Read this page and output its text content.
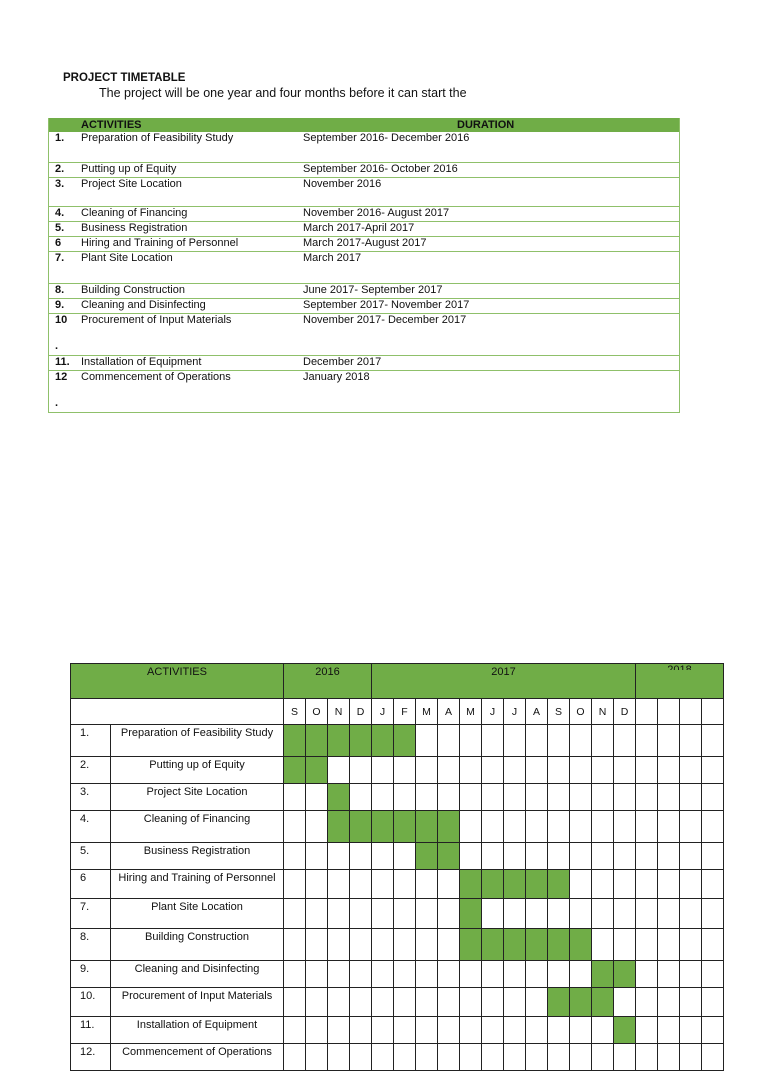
PROJECT TIMETABLE
The project will be one year and four months before it can start the
ACTIVITIES	DURATION
1. Preparation of Feasibility Study	September 2016- December 2016
2. Putting up of Equity	September 2016- October 2016
3. Project Site Location	November 2016
4. Cleaning of Financing	November 2016- August 2017
5. Business Registration	March 2017-April 2017
6 Hiring and Training of Personnel	March 2017-August 2017
7. Plant Site Location	March 2017
8. Building Construction	June 2017- September 2017
9. Cleaning and Disinfecting	September 2017- November 2017
10 Procurement of Input Materials	November 2017- December 2017
.
11. Installation of Equipment	December 2017
12 Commencement of Operations	January 2018
.
ACTIVITIES		2016				2017	

		S	O	N	D	J	F	M	A	M	J	J	A	S	O	N	D				
1.	Preparation of Feasibility Study																				
2.	Putting up of Equity																				
3.	Project Site Location																				
4.	Cleaning of Financing																				
5.	Business Registration																				
6	Hiring and Training of Personnel																				
7.	Plant Site Location																				
8.	Building Construction																				
9.	Cleaning and Disinfecting																				
10.	Procurement of Input Materials																				
11.	Installation of Equipment																				
12.	Commencement of Operations																				
